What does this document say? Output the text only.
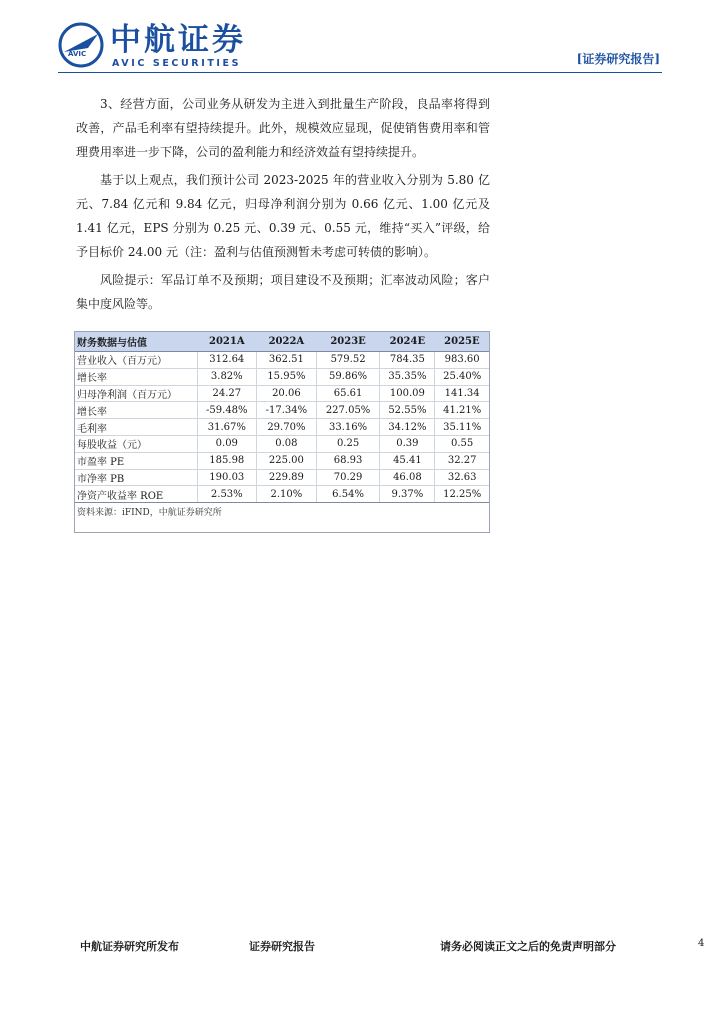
AVIC 中航证券
AVIC SECURITIES	[证券研究报告]

3、经营方面，公司业务从研发为主进入到批量生产阶段，良品率将得到改善，产品毛利率有望持续提升。此外，规模效应显现，促使销售费用率和管理费用率进一步下降，公司的盈利能力和经济效益有望持续提升。

基于以上观点，我们预计公司 2023-2025 年的营业收入分别为 5.80 亿元、7.84 亿元和 9.84 亿元，归母净利润分别为 0.66 亿元、1.00 亿元及 1.41 亿元，EPS 分别为 0.25 元、0.39 元、0.55 元，维持“买入”评级，给予目标价 24.00 元（注：盈利与估值预测暂未考虑可转债的影响）。

风险提示：军品订单不及预期；项目建设不及预期；汇率波动风险；客户集中度风险等。

财务数据与估值	2021A	2022A	2023E	2024E	2025E
营业收入（百万元）	312.64	362.51	579.52	784.35	983.60
增长率	3.82%	15.95%	59.86%	35.35%	25.40%
归母净利润（百万元）	24.27	20.06	65.61	100.09	141.34
增长率	-59.48%	-17.34%	227.05%	52.55%	41.21%
毛利率	31.67%	29.70%	33.16%	34.12%	35.11%
每股收益（元）	0.09	0.08	0.25	0.39	0.55
市盈率 PE	185.98	225.00	68.93	45.41	32.27
市净率 PB	190.03	229.89	70.29	46.08	32.63
净资产收益率 ROE	2.53%	2.10%	6.54%	9.37%	12.25%
资料来源：iFIND，中航证券研究所
中航证券研究所发布	证券研究报告	请务必阅读正文之后的免责声明部分	4
